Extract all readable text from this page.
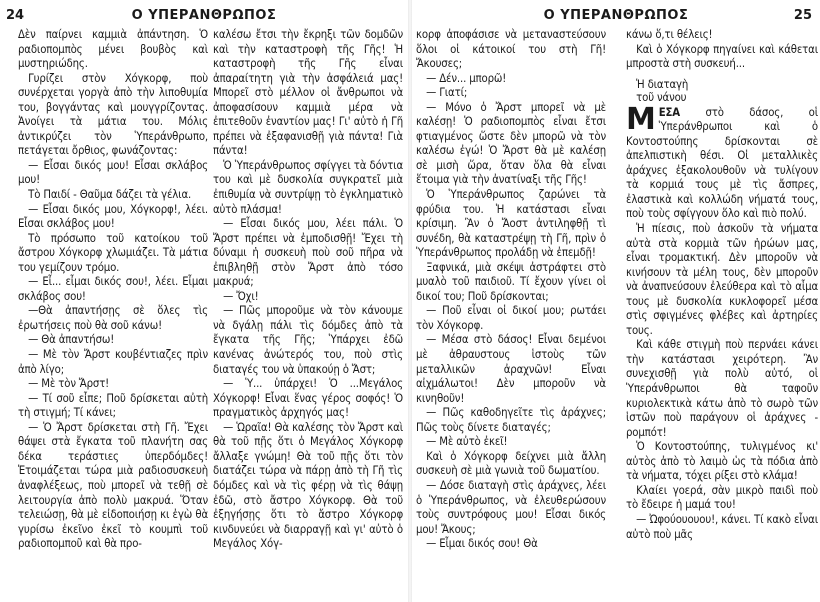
24	Ο ΥΠΕΡΑΝΘΡΩΠΟΣ

Δὲν παίρνει καμμιὰ ἀπάντηση. Ὁ ραδιοπομπὸς μένει βουβὸς καὶ μυστηριώδης.

Γυρίζει στὸν Χόγκορφ, ποὺ συνέρχεται γοργὰ ἀπὸ τὴν λιποθυμία του, βογγάντας καὶ μουγγρίζοντας. Ἀνοίγει τὰ μάτια του. Μόλις ἀντικρύζει τὸν Ὑπεράνθρωπο, πετάγεται ὄρθιος, φωνάζοντας:

— Εἶσαι δικός μου! Εἶσαι σκλάβος μου!

Τὸ Παιδί - Θαῦμα δάζει τὰ γέλια.

— Εἶσαι δικός μου, Χόγκορφ!, λέει. Εἶσαι σκλάβος μου!

Τὸ πρόσωπο τοῦ κατοίκου τοῦ ἄστρου Χόγκορφ χλωμιάζει. Τὰ μάτια του γεμίζουν τρόμο.

— Εἶ... εἶμαι δικός σου!, λέει. Εἶμαι σκλάβος σου!

—Θὰ ἀπαντήσῃς σὲ ὅλες τὶς ἐρωτήσεις ποὺ θὰ σοῦ κάνω!

— Θὰ ἀπαντήσω!

— Μὲ τὸν Ἄρστ κουβέντιαζες πρὶν ἀπὸ λίγο;

— Μὲ τὸν Ἄρστ!

— Τί σοῦ εἶπε; Ποῦ δρίσκεται αὐτὴ τὴ στιγμή; Τί κάνει;

— Ὁ Ἄρστ δρίσκεται στὴ Γῆ. Ἔχει θάψει στὰ ἔγκατα τοῦ πλανήτη σας δέκα τεράστιες ὑπερδόμδες! Ἑτοιμάζεται τώρα μιὰ ραδιοσυσκευὴ ἀναφλέξεως, ποὺ μπορεῖ νὰ τεθῇ σὲ λειτουργία ἀπὸ πολὺ μακρυά. Ὅταν τελειώσῃ, θὰ μὲ εἰδοποιήσῃ κι ἐγὼ θὰ γυρίσω ἐκεῖνο ἐκεῖ τὸ κουμπὶ τοῦ ραδιοπομποῦ καὶ θὰ προ-

καλέσω ἔτσι τὴν ἔκρηξι τῶν δομδῶν καὶ τὴν καταστροφὴ τῆς Γῆς! Ἡ καταστροφὴ τῆς Γῆς εἶναι ἀπαραίτητη γιὰ τὴν ἀσφάλειά μας! Μπορεῖ στὸ μέλλον οἱ ἄνθρωποι νὰ ἀποφασίσουν καμμιὰ μέρα νὰ ἐπιτεθοῦν ἐναντίον μας! Γι' αὐτὸ ἡ Γῆ πρέπει νὰ ἐξαφανισθῇ γιὰ πάντα! Γιὰ πάντα!

Ὁ Ὑπεράνθρωπος σφίγγει τὰ δόντια του καὶ μὲ δυσκολία συγκρατεῖ μιὰ ἐπιθυμία νὰ συντρίψῃ τὸ ἐγκληματικὸ αὐτὸ πλάσμα!

— Εἶσαι δικός μου, λέει πάλι. Ὁ Ἄρστ πρέπει νὰ ἐμποδισθῇ! Ἔχει τὴ δύναμι ἡ συσκευὴ ποὺ σοῦ πῆρα νὰ ἐπιβληθῇ στὸν Ἄρστ ἀπὸ τόσο μακρυά;

— Ὄχι!

— Πῶς μποροῦμε νὰ τὸν κάνουμε νὰ δγάλῃ πάλι τὶς δόμδες ἀπὸ τὰ ἔγκατα τῆς Γῆς; Ὑπάρχει ἐδῶ κανένας ἀνώτερός του, ποὺ στὶς διαταγές του νὰ ὑπακούῃ ὁ Ἄστ;

— Ὑ... ὑπάρχει! Ὁ ...Μεγάλος Χόγκορφ! Εἶναι ἕνας γέρος σοφός! Ὁ πραγματικὸς ἀρχηγός μας!

— Ὡραῖα! Θὰ καλέσης τὸν Ἄρστ καὶ θὰ τοῦ πῇς ὅτι ὁ Μεγάλος Χόγκορφ ἄλλαξε γνώμη! Θὰ τοῦ πῇς ὅτι τὸν διατάζει τώρα νὰ πάρῃ ἀπὸ τὴ Γῆ τὶς δόμδες καὶ νὰ τὶς φέρῃ νὰ τὶς θάψῃ ἐδῶ, στὸ ἄστρο Χόγκορφ. Θὰ τοῦ ἐξηγήσῃς ὅτι τὸ ἄστρο Χόγκορφ κινδυνεύει νὰ διαρραγῇ καὶ γι' αὐτὸ ὁ Μεγάλος Χόγ-

Ο ΥΠΕΡΑΝΘΡΩΠΟΣ	25

κορφ ἀποφάσισε νὰ μεταναστεύσουν ὅλοι οἱ κάτοικοί του στὴ Γῆ! Ἄκουσες;

— Δέν... μπορῶ!

— Γιατί;

— Μόνο ὁ Ἄρστ μπορεῖ νὰ μὲ καλέσῃ! Ὁ ραδιοπομπὸς εἶναι ἔτσι φτιαγμένος ὥστε δὲν μπορῶ νὰ τὸν καλέσω ἐγώ! Ὁ Ἄρστ θὰ μὲ καλέσῃ σὲ μισὴ ὥρα, ὅταν ὅλα θὰ εἶναι ἕτοιμα γιὰ τὴν ἀνατίναξι τῆς Γῆς!

Ὁ Ὑπεράνθρωπος ζαρώνει τὰ φρύδια του. Ἡ κατάστασι εἶναι κρίσιμη. Ἂν ὁ Ἄοστ ἀντιληφθῇ τὶ συνέδη, θὰ καταστρέψῃ τὴ Γῆ, πρὶν ὁ Ὑπεράνθρωπος προλάδῃ νὰ ἐπεμδῇ!

Ξαφνικά, μιὰ σκέψι ἀστράφτει στὸ μυαλὸ τοῦ παιδιοῦ. Τί ἔχουν γίνει οἱ δικοί του; Ποῦ δρίσκονται;

— Ποῦ εἶναι οἱ δικοί μου; ρωτάει τὸν Χόγκορφ.

— Μέσα στὸ δάσος! Εἶναι δεμένοι μὲ ἀθραυστους ἱστοὺς τῶν μεταλλικῶν ἀραχνῶν! Εἶναι αἰχμάλωτοι! Δὲν μποροῦν νὰ κινηθοῦν!

— Πῶς καθοδηγεῖτε τὶς ἀράχνες; Πῶς τοὺς δίνετε διαταγές;

— Μὲ αὐτὸ ἐκεῖ!

Καὶ ὁ Χόγκορφ δείχνει μιὰ ἄλλη συσκευὴ σὲ μιὰ γωνιὰ τοῦ δωματίου.

— Δόσε διαταγὴ στὶς ἀράχνες, λέει ὁ Ὑπεράνθρωπος, νὰ ἐλευθερώσουν τοὺς συντρόφους μου! Εἶσαι δικός μου! Ἄκους;

— Εἶμαι δικός σου! Θὰ

κάνω ὅ,τι θέλεις!

Καὶ ὁ Χόγκορφ πηγαίνει καὶ κάθεται μπροστὰ στὴ συσκευή...

Ἡ διαταγὴ
τοῦ νάνου

ΜΕΣΑ στὸ δάσος, οἱ Ὑπεράνθρωποι καὶ ὁ Κοντοστούπης δρίσκονται σὲ ἀπελπιστικὴ θέσι. Οἱ μεταλλικὲς ἀράχνες ἐξακολουθοῦν νὰ τυλίγουν τὰ κορμιά τους μὲ τὶς ἄσπρες, ἐλαστικὰ καὶ κολλώδη νήματά τους, ποὺ τοὺς σφίγγουν ὅλο καὶ πιὸ πολύ.

Ἡ πίεσις, ποὺ ἀσκοῦν τὰ νήματα αὐτὰ στὰ κορμιὰ τῶν ἡρώων μας, εἶναι τρομακτική. Δὲν μποροῦν νὰ κινήσουν τὰ μέλη τους, δὲν μποροῦν νὰ ἀναπνεύσουν ἐλεύθερα καὶ τὸ αἷμα τους μὲ δυσκολία κυκλοφορεῖ μέσα στὶς σφιγμένες φλέβες καὶ ἀρτηρίες τους.

Καὶ κάθε στιγμὴ ποὺ περνάει κάνει τὴν κατάστασι χειρότερη. Ἂν συνεχισθῇ γιὰ πολὺ αὐτό, οἱ Ὑπεράνθρωποι θὰ ταφοῦν κυριολεκτικὰ κάτω ἀπὸ τὸ σωρὸ τῶν ἱστῶν ποὺ παράγουν οἱ ἀράχνες - ρομπότ!

Ὁ Κοντοστούπης, τυλιγμένος κι' αὐτὸς ἀπὸ τὸ λαιμὸ ὡς τὰ πόδια ἀπὸ τὰ νήματα, τόχει ρίξει στὸ κλάμα!

Κλαίει γοερά, σὰν μικρὸ παιδὶ ποὺ τὸ ἔδειρε ἡ μαμά του!

— Ὠφούουουου!, κάνει. Τί κακὸ εἶναι αὐτὸ ποὺ μᾶς
